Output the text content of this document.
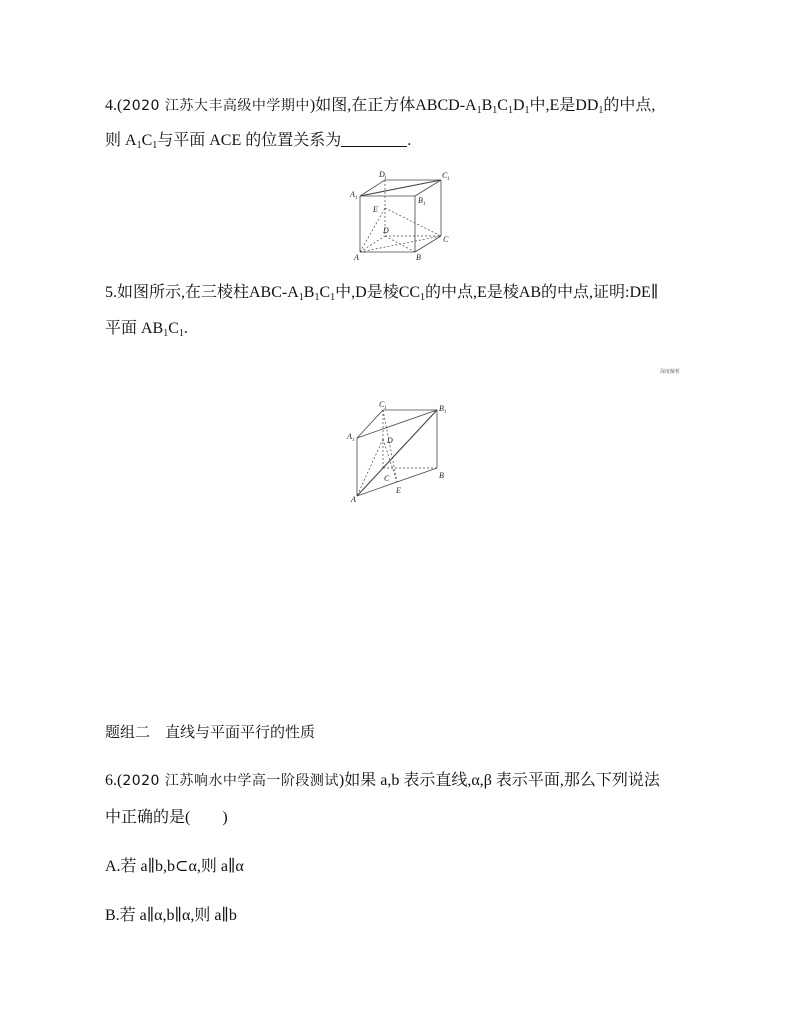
4.(2020 江苏大丰高级中学期中)如图,在正方体ABCD-$A_1B_1C_1D_1$中,E是$DD_1$的中点,
则 $A_1C_1$与平面 ACE 的位置关系为	.
D 1	C 1
A 1	B 1
E
D
A	B
C
5.如图所示,在三棱柱ABC-$A_1B_1C_1$中,D是棱$CC_1$的中点,E是棱AB的中点,证明:DE∥
平面 $AB_1C_1$.
深度解析
C 1	B 1
A 1	D
C	B
A
E
题组二　直线与平面平行的性质
6.(2020 江苏响水中学高一阶段测试)如果 a,b 表示直线,α,β 表示平面,那么下列说法
中正确的是(　　)
A.若 a∥b,b⊂α,则 a∥α
B.若 a∥α,b∥α,则 a∥b
